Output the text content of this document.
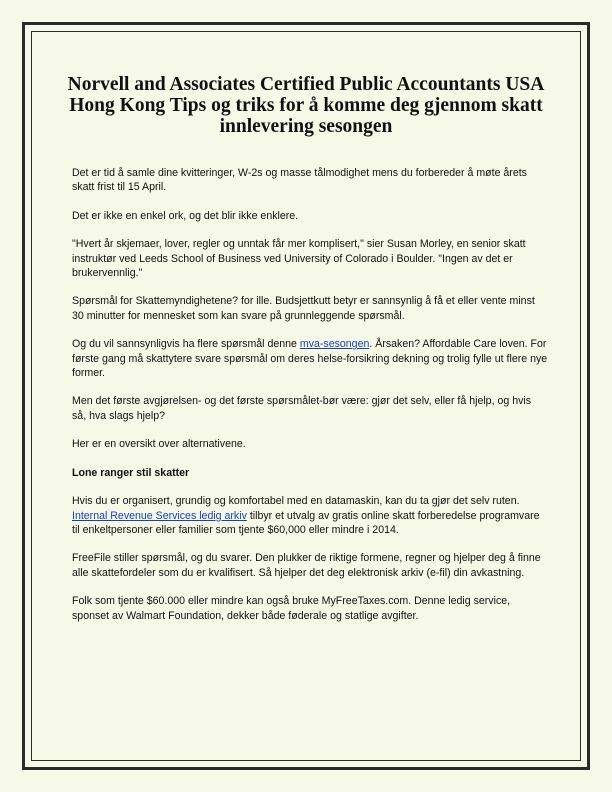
Norvell and Associates Certified Public Accountants USA Hong Kong Tips og triks for å komme deg gjennom skatt innlevering sesongen

Det er tid å samle dine kvitteringer, W-2s og masse tålmodighet mens du forbereder å møte årets skatt frist til 15 April.

Det er ikke en enkel ork, og det blir ikke enklere.

"Hvert år skjemaer, lover, regler og unntak får mer komplisert," sier Susan Morley, en senior skatt instruktør ved Leeds School of Business ved University of Colorado i Boulder. "Ingen av det er brukervennlig."

Spørsmål for Skattemyndighetene? for ille. Budsjettkutt betyr er sannsynlig å få et eller vente minst 30 minutter for mennesket som kan svare på grunnleggende spørsmål.

Og du vil sannsynligvis ha flere spørsmål denne mva-sesongen. Årsaken? Affordable Care loven. For første gang må skattytere svare spørsmål om deres helse-forsikring dekning og trolig fylle ut flere nye former.

Men det første avgjørelsen- og det første spørsmålet-bør være: gjør det selv, eller få hjelp, og hvis så, hva slags hjelp?

Her er en oversikt over alternativene.

Lone ranger stil skatter

Hvis du er organisert, grundig og komfortabel med en datamaskin, kan du ta gjør det selv ruten. Internal Revenue Services ledig arkiv tilbyr et utvalg av gratis online skatt forberedelse programvare til enkeltpersoner eller familier som tjente $60,000 eller mindre i 2014.

FreeFile stiller spørsmål, og du svarer. Den plukker de riktige formene, regner og hjelper deg å finne alle skattefordeler som du er kvalifisert. Så hjelper det deg elektronisk arkiv (e-fil) din avkastning.

Folk som tjente $60.000 eller mindre kan også bruke MyFreeTaxes.com. Denne ledig service, sponset av Walmart Foundation, dekker både føderale og statlige avgifter.
